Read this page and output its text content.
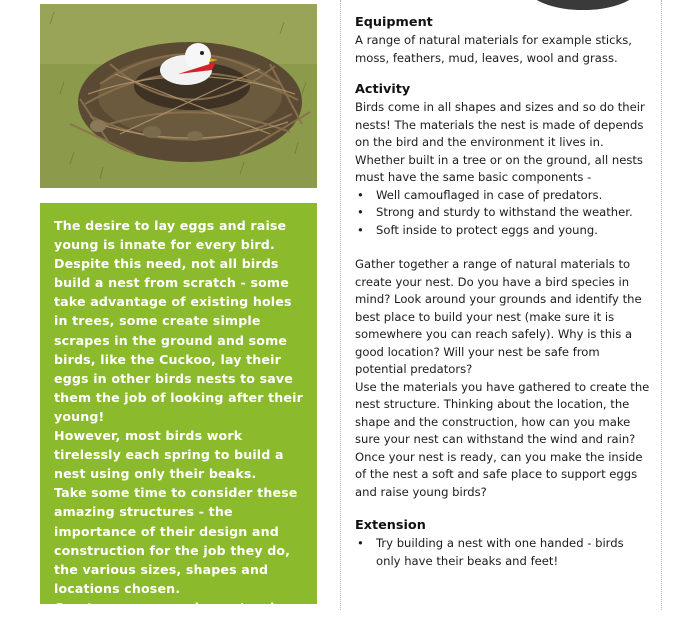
The desire to lay eggs and raise young is innate for every bird.

Despite this need, not all birds build a nest from scratch - some take advantage of existing holes in trees, some create simple scrapes in the ground and some birds, like the Cuckoo, lay their eggs in other birds nests to save them the job of looking after their young!

However, most birds work tirelessly each spring to build a nest using only their beaks.

Take some time to consider these amazing structures - the importance of their design and construction for the job they do, the various sizes, shapes and locations chosen.

Create your own using natural materials - harder than you think!

Equipment

A range of natural materials for example sticks, moss, feathers, mud, leaves, wool and grass.

Activity

Birds come in all shapes and sizes and so do their nests! The materials the nest is made of depends on the bird and the environment it lives in. Whether built in a tree or on the ground, all nests must have the same basic components -

• Well camouflaged in case of predators.
• Strong and sturdy to withstand the weather.
• Soft inside to protect eggs and young.

Gather together a range of natural materials to create your nest. Do you have a bird species in mind? Look around your grounds and identify the best place to build your nest (make sure it is somewhere you can reach safely). Why is this a good location? Will your nest be safe from potential predators?

Use the materials you have gathered to create the nest structure. Thinking about the location, the shape and the construction, how can you make sure your nest can withstand the wind and rain?

Once your nest is ready, can you make the inside of the nest a soft and safe place to support eggs and raise young birds?

Extension
• Try building a nest with one handed - birds only have their beaks and feet!
